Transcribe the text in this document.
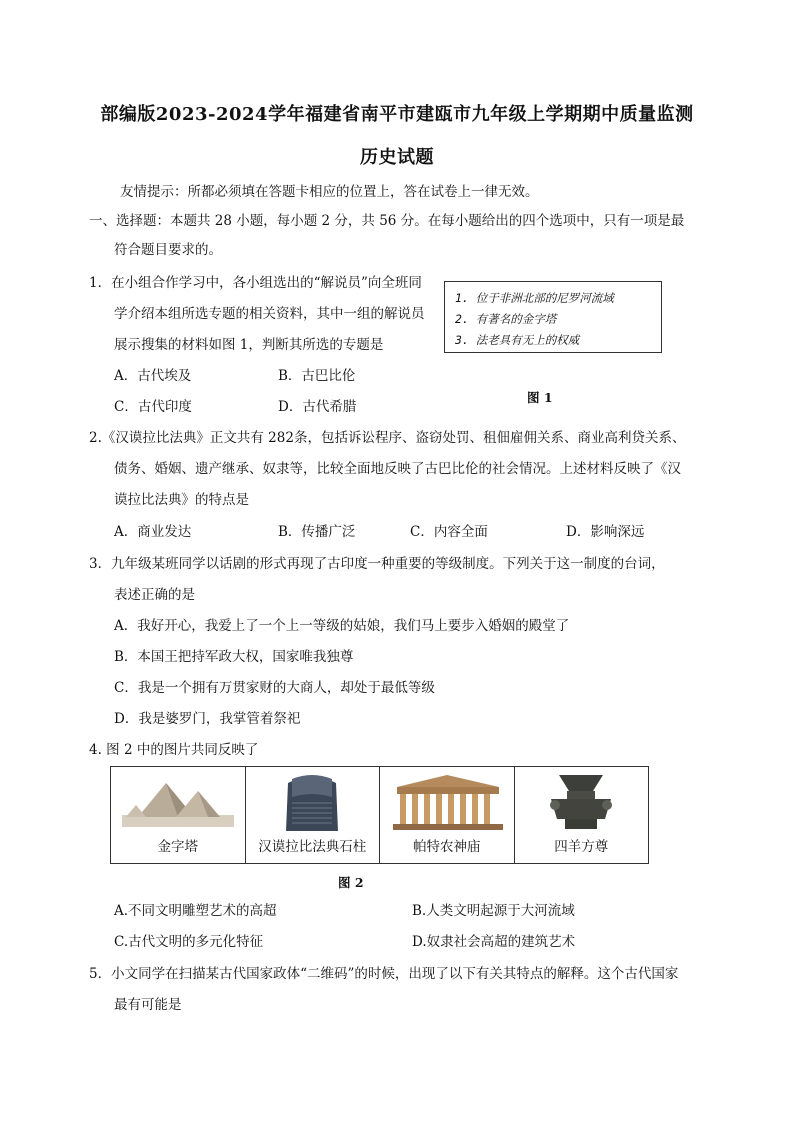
部编版2023-2024学年福建省南平市建瓯市九年级上学期期中质量监测
历史试题
友情提示：所都必须填在答题卡相应的位置上，答在试卷上一律无效。
一、选择题：本题共 28 小题，每小题 2 分，共 56 分。在每小题给出的四个选项中，只有一项是最
符合题目要求的。
1．在小组合作学习中，各小组选出的“解说员”向全班同
学介绍本组所选专题的相关资料，其中一组的解说员
展示搜集的材料如图 1，判断其所选的专题是
A．古代埃及	B．古巴比伦
C．古代印度	D．古代希腊
1. 位于非洲北部的尼罗河流域
2. 有著名的金字塔
3. 法老具有无上的权威
图 1
2.《汉谟拉比法典》正文共有 282条，包括诉讼程序、盗窃处罚、租佃雇佣关系、商业高利贷关系、
债务、婚姻、遗产继承、奴隶等，比较全面地反映了古巴比伦的社会情况。上述材料反映了《汉
谟拉比法典》的特点是
A．商业发达	B．传播广泛	C．内容全面	D．影响深远
3．九年级某班同学以话剧的形式再现了古印度一种重要的等级制度。下列关于这一制度的台词，
表述正确的是
A．我好开心，我爱上了一个上一等级的姑娘，我们马上要步入婚姻的殿堂了
B．本国王把持军政大权，国家唯我独尊
C．我是一个拥有万贯家财的大商人，却处于最低等级
D．我是婆罗门，我掌管着祭祀
4. 图 2 中的图片共同反映了
金字塔	汉谟拉比法典石柱	帕特农神庙	四羊方尊
图 2
A.不同文明雕塑艺术的高超	B.人类文明起源于大河流域
C.古代文明的多元化特征	D.奴隶社会高超的建筑艺术
5．小文同学在扫描某古代国家政体“二维码”的时候，出现了以下有关其特点的解释。这个古代国家
最有可能是
